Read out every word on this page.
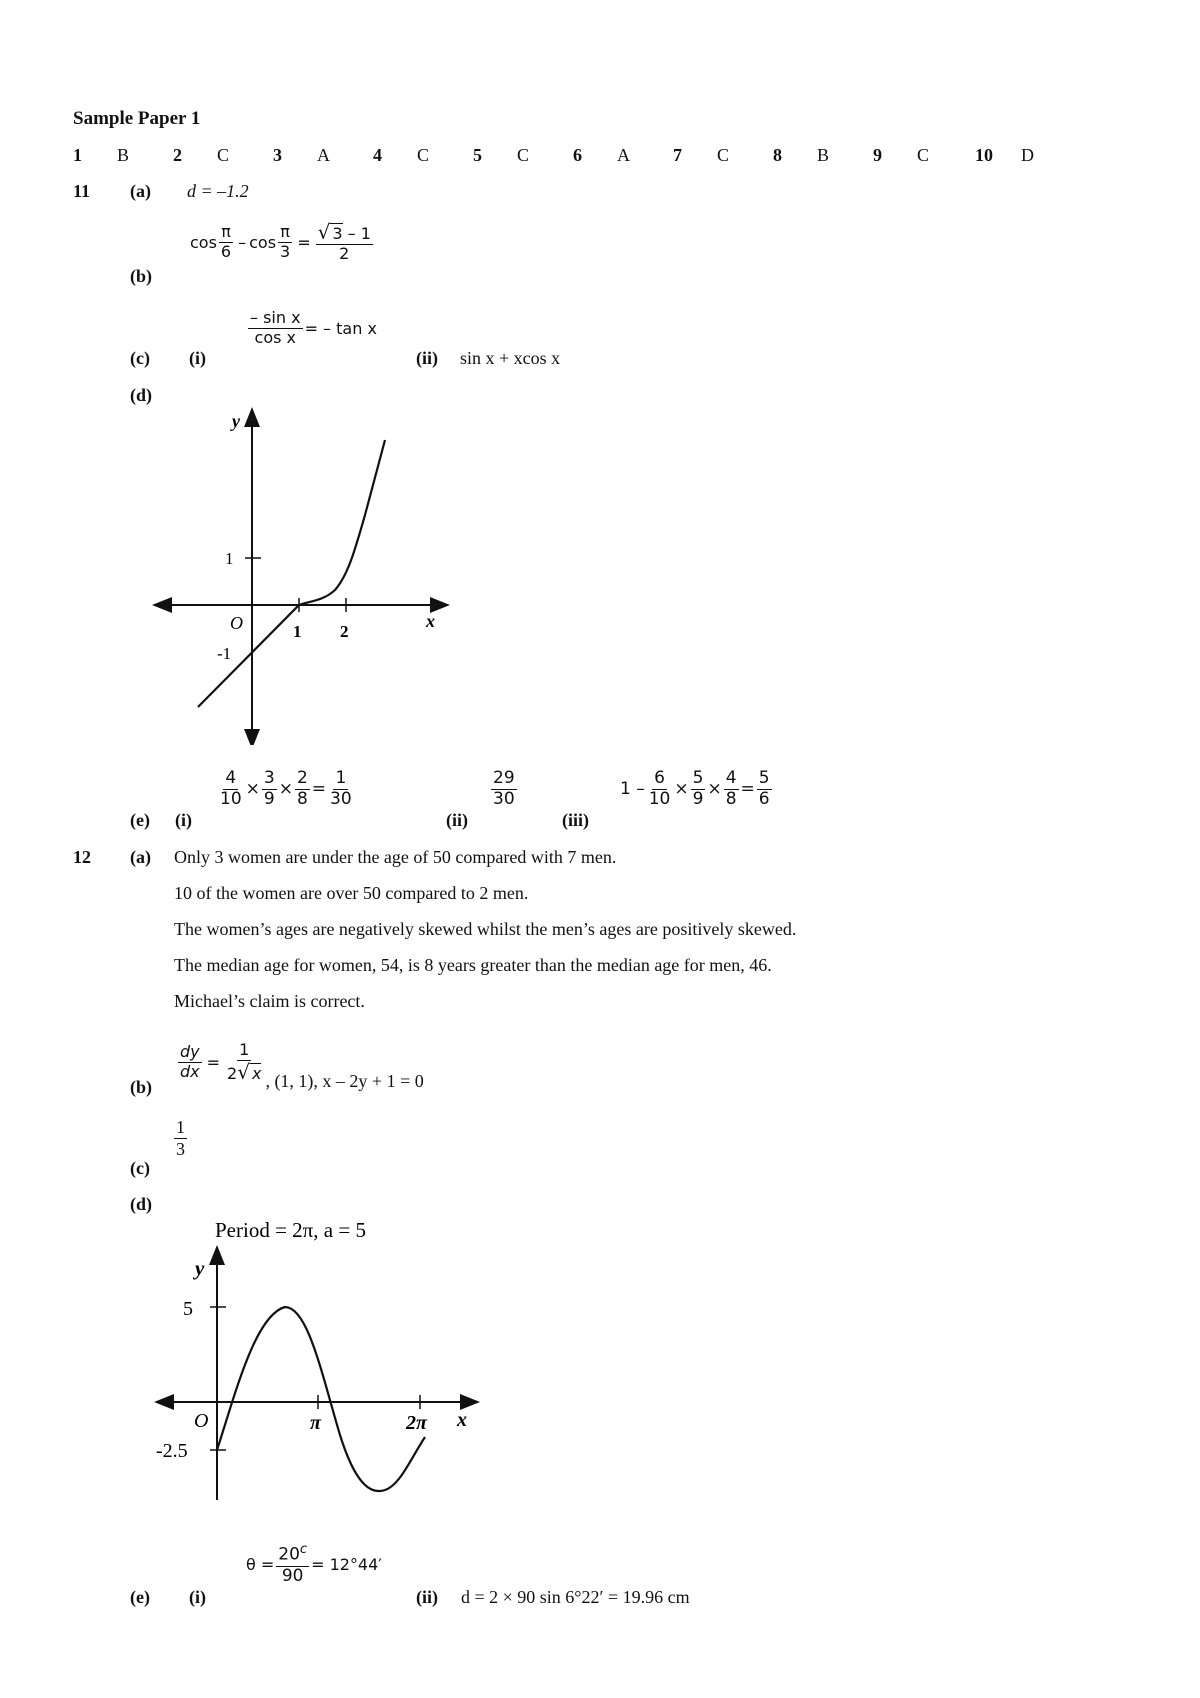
Sample Paper 1
1 B 2 C 3 A 4 C 5 C 6 A 7 C 8 B 9 C	10 D
11 (a) d = –1.2
(b)
$\cos \frac{\pi}{6} - \cos \frac{\pi}{3} = \frac{√ 3 - 1}{2}$
(c) (i)
$\frac{\text{– sin x}}{\text{cos x}}$ = – tan x
(ii) sin x + xcos x
(d)
y
x
O
1
-1
1 2
(e) (i)
$\frac{4}{10} \times \frac{3}{9} \times \frac{2}{8} = \frac{1}{30}$
(ii)
$\frac{29}{30}$
(iii)
$1 - \frac{6}{10} \times \frac{5}{9} \times \frac{4}{8} = \frac{5}{6}$
12 (a) Only 3 women are under the age of 50 compared with 7 men.
10 of the women are over 50 compared to 2 men.
The women’s ages are negatively skewed whilst the men’s ages are positively skewed.
The median age for women, 54, is 8 years greater than the median age for men, 46.
Michael’s claim is correct.
(b)
$\frac{dy}{dx} = \frac{1}{2√ x}$ , (1, 1), x – 2y + 1 = 0
(c)
$\frac{1}{3}$
(d)
Period = 2π, a = 5
y
x
O
5
-2.5
π	2π
(e) (i)
$\theta = \frac{20^c}{90} = 12^\circ 44'$
(ii) d = 2 × 90 sin 6°22′ = 19.96 cm
